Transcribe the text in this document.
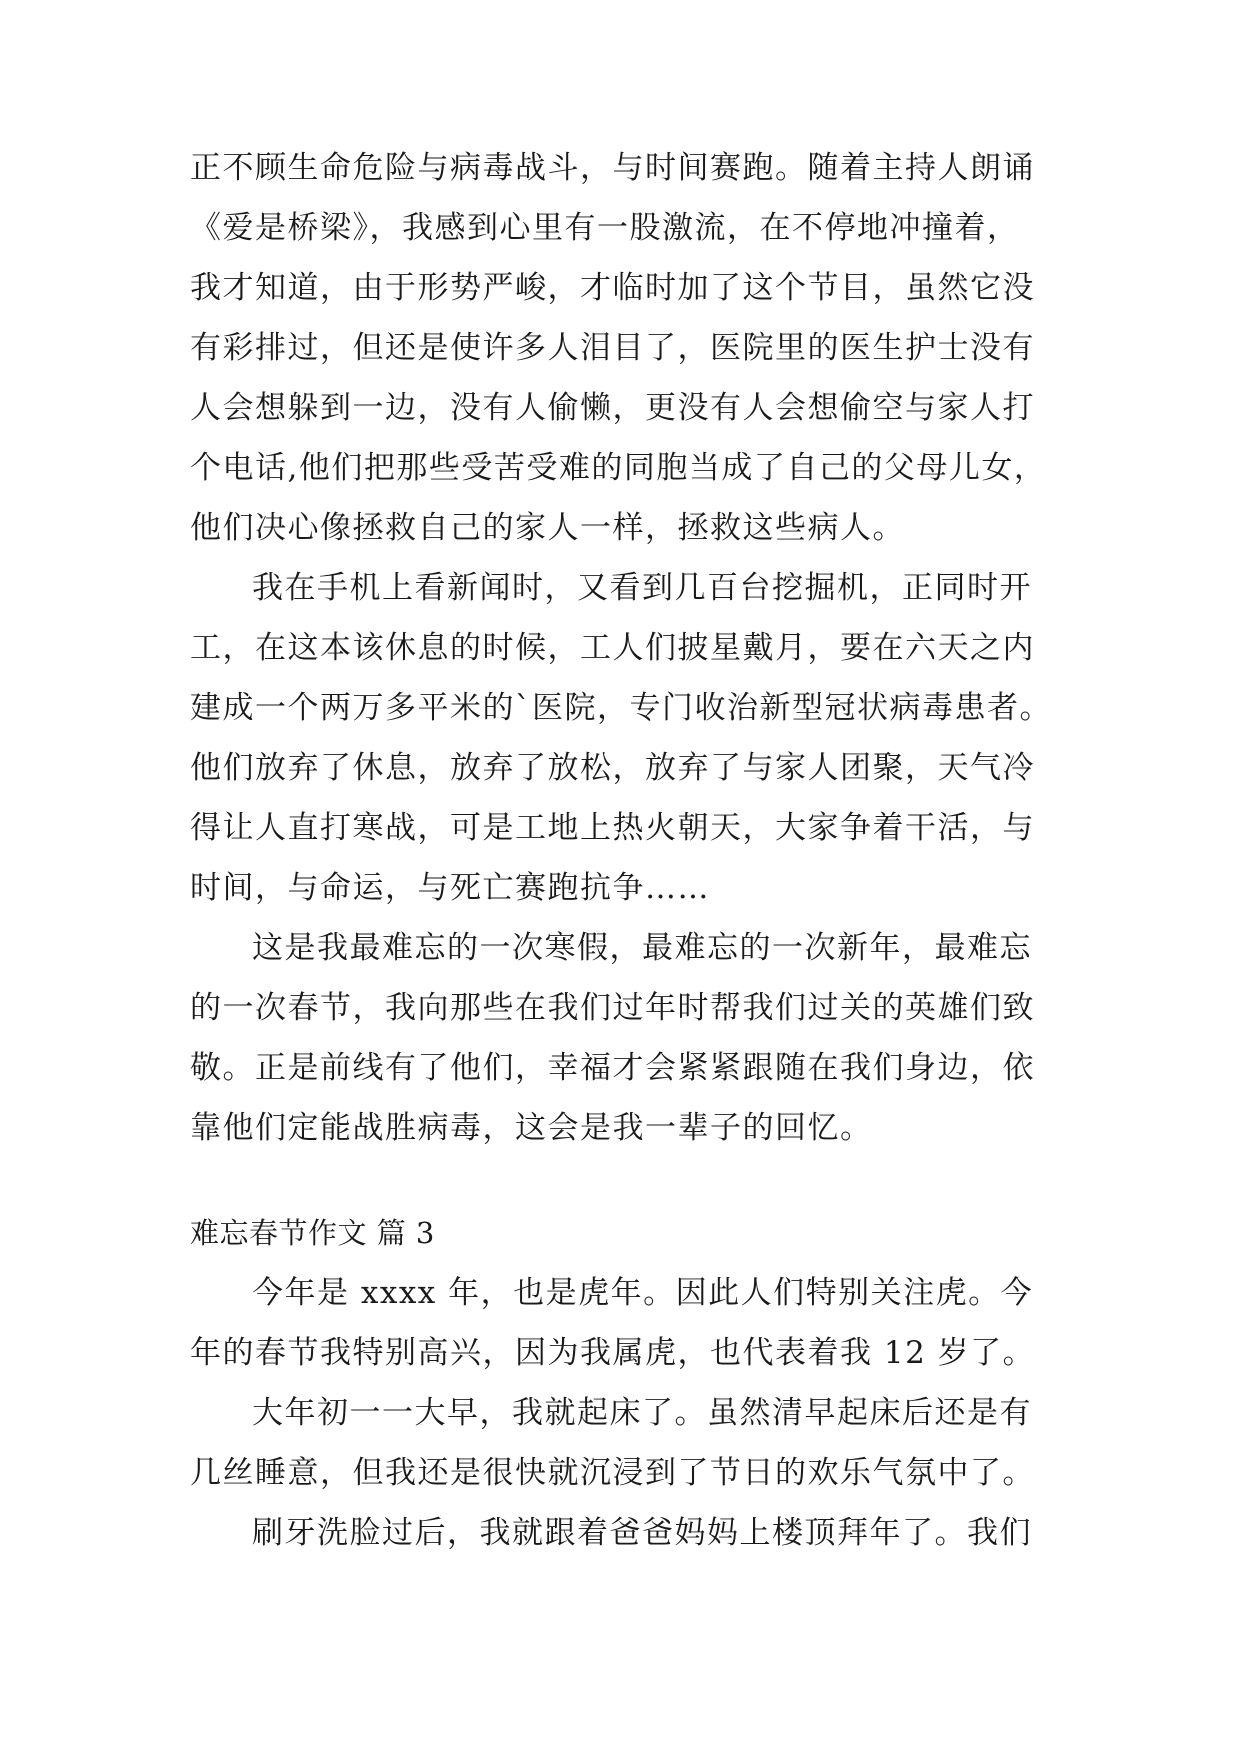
正不顾生命危险与病毒战斗，与时间赛跑。随着主持人朗诵
《爱是桥梁》，我感到心里有一股激流，在不停地冲撞着，
我才知道，由于形势严峻，才临时加了这个节目，虽然它没
有彩排过，但还是使许多人泪目了，医院里的医生护士没有
人会想躲到一边，没有人偷懒，更没有人会想偷空与家人打
个电话,他们把那些受苦受难的同胞当成了自己的父母儿女，
他们决心像拯救自己的家人一样，拯救这些病人。
我在手机上看新闻时，又看到几百台挖掘机，正同时开
工，在这本该休息的时候，工人们披星戴月，要在六天之内
建成一个两万多平米的`医院，专门收治新型冠状病毒患者。
他们放弃了休息，放弃了放松，放弃了与家人团聚，天气冷
得让人直打寒战，可是工地上热火朝天，大家争着干活，与
时间，与命运，与死亡赛跑抗争……
这是我最难忘的一次寒假，最难忘的一次新年，最难忘
的一次春节，我向那些在我们过年时帮我们过关的英雄们致
敬。正是前线有了他们，幸福才会紧紧跟随在我们身边，依
靠他们定能战胜病毒，这会是我一辈子的回忆。
难忘春节作文 篇 3
今年是 xxxx 年，也是虎年。因此人们特别关注虎。今
年的春节我特别高兴，因为我属虎，也代表着我 12 岁了。
大年初一一大早，我就起床了。虽然清早起床后还是有
几丝睡意，但我还是很快就沉浸到了节日的欢乐气氛中了。
刷牙洗脸过后，我就跟着爸爸妈妈上楼顶拜年了。我们
